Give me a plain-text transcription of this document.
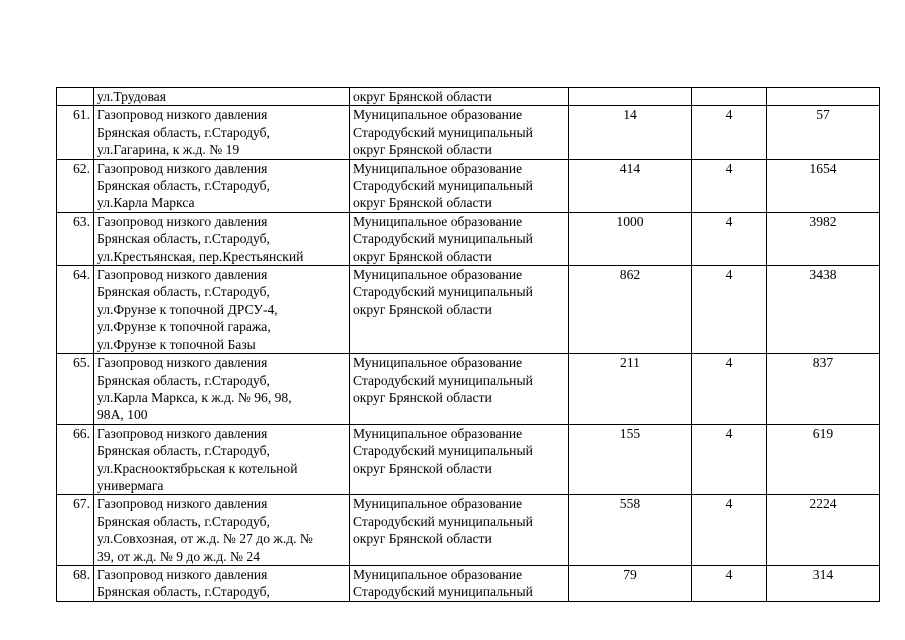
	ул.Трудовая	округ Брянской области			
61.	Газопровод низкого давления
Брянская область, г.Стародуб,
ул.Гагарина, к ж.д. № 19	Муниципальное образование
Стародубский муниципальный
округ Брянской области	14	4	57
62.	Газопровод низкого давления
Брянская область, г.Стародуб,
ул.Карла Маркса	Муниципальное образование
Стародубский муниципальный
округ Брянской области	414	4	1654
63.	Газопровод низкого давления
Брянская область, г.Стародуб,
ул.Крестьянская, пер.Крестьянский	Муниципальное образование
Стародубский муниципальный
округ Брянской области	1000	4	3982
64.	Газопровод низкого давления
Брянская область, г.Стародуб,
ул.Фрунзе к топочной ДРСУ-4,
ул.Фрунзе к топочной гаража,
ул.Фрунзе к топочной Базы	Муниципальное образование
Стародубский муниципальный
округ Брянской области	862	4	3438
65.	Газопровод низкого давления
Брянская область, г.Стародуб,
ул.Карла Маркса, к ж.д. № 96, 98,
98А, 100	Муниципальное образование
Стародубский муниципальный
округ Брянской области	211	4	837
66.	Газопровод низкого давления
Брянская область, г.Стародуб,
ул.Краснооктябрьская к котельной
универмага	Муниципальное образование
Стародубский муниципальный
округ Брянской области	155	4	619
67.	Газопровод низкого давления
Брянская область, г.Стародуб,
ул.Совхозная, от ж.д. № 27 до ж.д. №
39, от ж.д. № 9 до ж.д. № 24	Муниципальное образование
Стародубский муниципальный
округ Брянской области	558	4	2224
68.	Газопровод низкого давления
Брянская область, г.Стародуб,	Муниципальное образование
Стародубский муниципальный	79	4	314
